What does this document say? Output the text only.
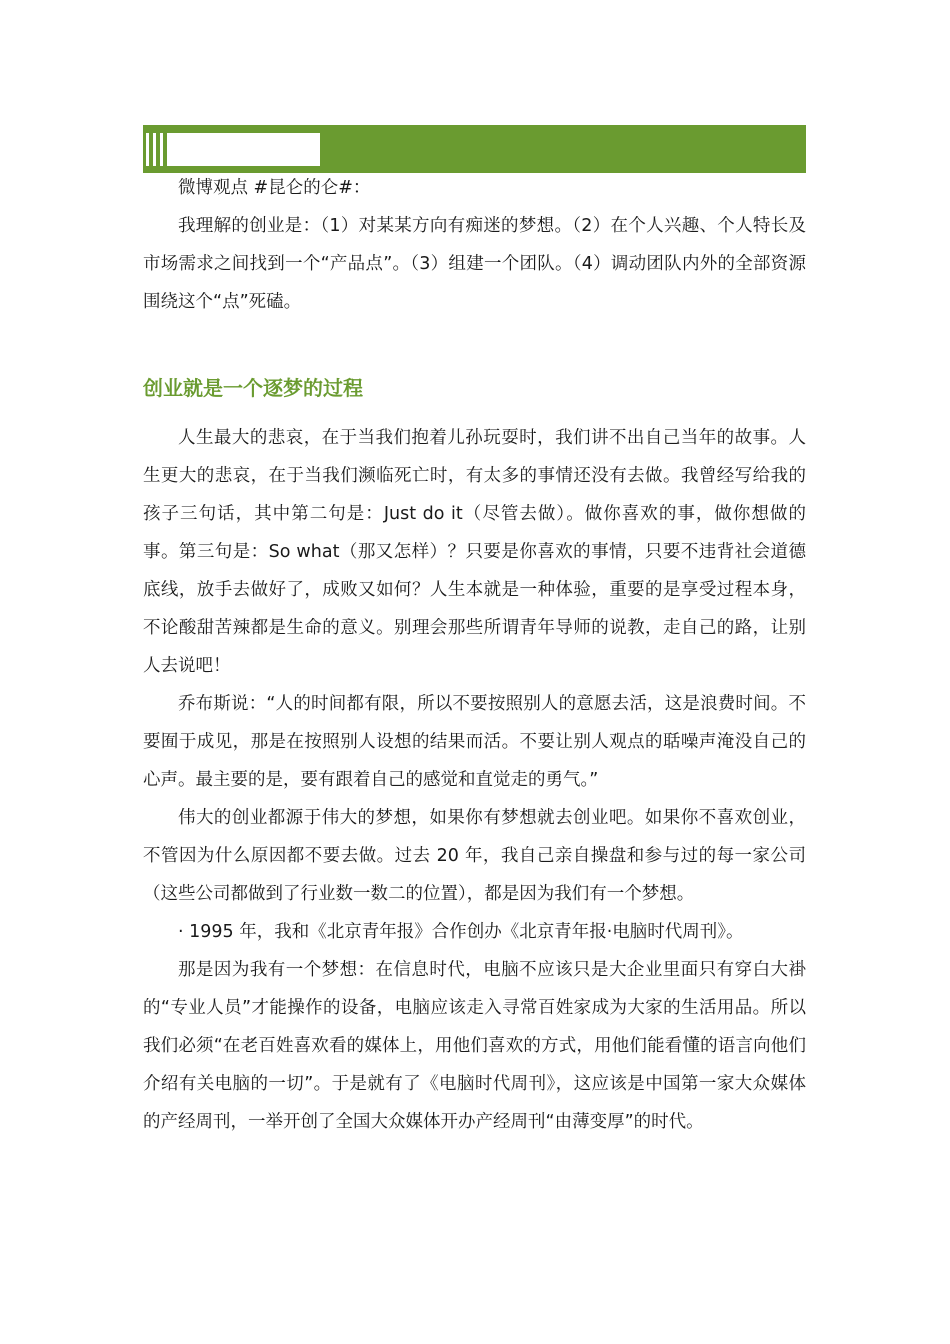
微博观点 #昆仑的仑#：

我理解的创业是：（1）对某某方向有痴迷的梦想。（2）在个人兴趣、个人特长及市场需求之间找到一个“产品点”。（3）组建一个团队。（4）调动团队内外的全部资源围绕这个“点”死磕。

创业就是一个逐梦的过程

人生最大的悲哀，在于当我们抱着儿孙玩耍时，我们讲不出自己当年的故事。人生更大的悲哀，在于当我们濒临死亡时，有太多的事情还没有去做。我曾经写给我的孩子三句话，其中第二句是：Just do it（尽管去做）。做你喜欢的事，做你想做的事。第三句是：So what（那又怎样）？只要是你喜欢的事情，只要不违背社会道德底线，放手去做好了，成败又如何？人生本就是一种体验，重要的是享受过程本身，不论酸甜苦辣都是生命的意义。别理会那些所谓青年导师的说教，走自己的路，让别人去说吧！

乔布斯说：“人的时间都有限，所以不要按照别人的意愿去活，这是浪费时间。不要囿于成见，那是在按照别人设想的结果而活。不要让别人观点的聒噪声淹没自己的心声。最主要的是，要有跟着自己的感觉和直觉走的勇气。”

伟大的创业都源于伟大的梦想，如果你有梦想就去创业吧。如果你不喜欢创业，不管因为什么原因都不要去做。过去 20 年，我自己亲自操盘和参与过的每一家公司（这些公司都做到了行业数一数二的位置），都是因为我们有一个梦想。

· 1995 年，我和《北京青年报》合作创办《北京青年报·电脑时代周刊》。

那是因为我有一个梦想：在信息时代，电脑不应该只是大企业里面只有穿白大褂的“专业人员”才能操作的设备，电脑应该走入寻常百姓家成为大家的生活用品。所以我们必须“在老百姓喜欢看的媒体上，用他们喜欢的方式，用他们能看懂的语言向他们介绍有关电脑的一切”。于是就有了《电脑时代周刊》，这应该是中国第一家大众媒体的产经周刊，一举开创了全国大众媒体开办产经周刊“由薄变厚”的时代。
